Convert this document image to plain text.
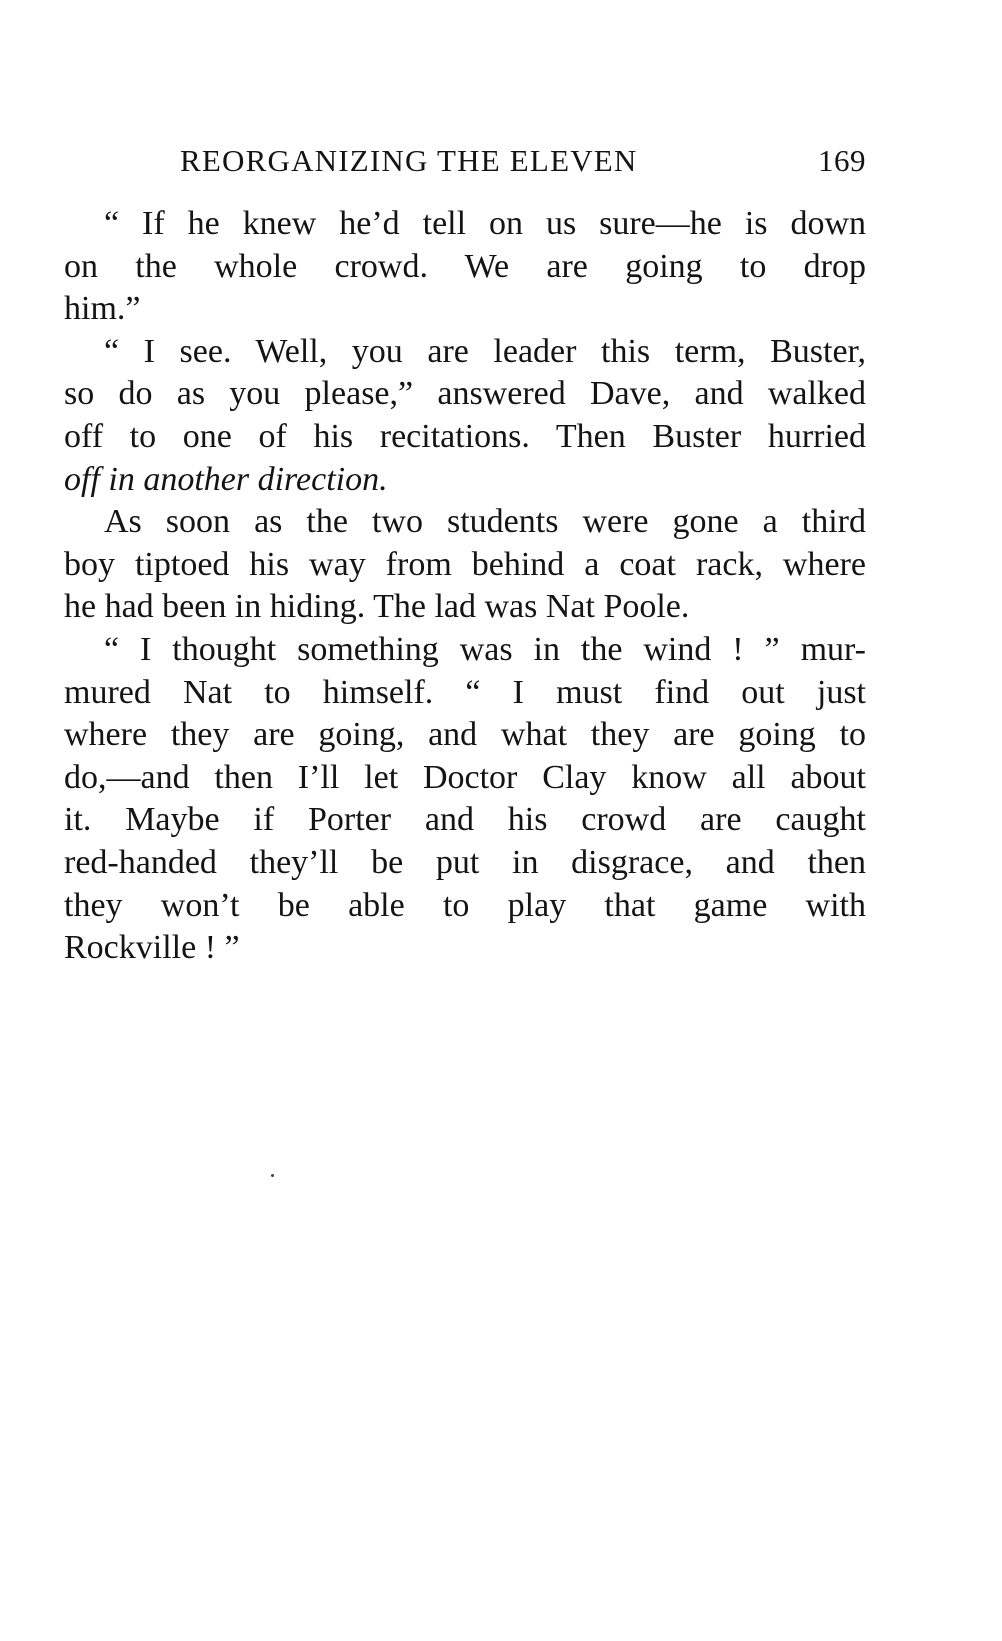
REORGANIZING THE ELEVEN	169
“ If he knew he’d tell on us sure—he is down
on the whole crowd. We are going to drop
him.”
“ I see. Well, you are leader this term, Buster,
so do as you please,” answered Dave, and walked
off to one of his recitations. Then Buster hurried
off in another direction.
As soon as the two students were gone a third
boy tiptoed his way from behind a coat rack, where
he had been in hiding. The lad was Nat Poole.
“ I thought something was in the wind ! ” mur-
mured Nat to himself. “ I must find out just
where they are going, and what they are going to
do,—and then I’ll let Doctor Clay know all about
it. Maybe if Porter and his crowd are caught
red-handed they’ll be put in disgrace, and then
they won’t be able to play that game with
Rockville ! ”
